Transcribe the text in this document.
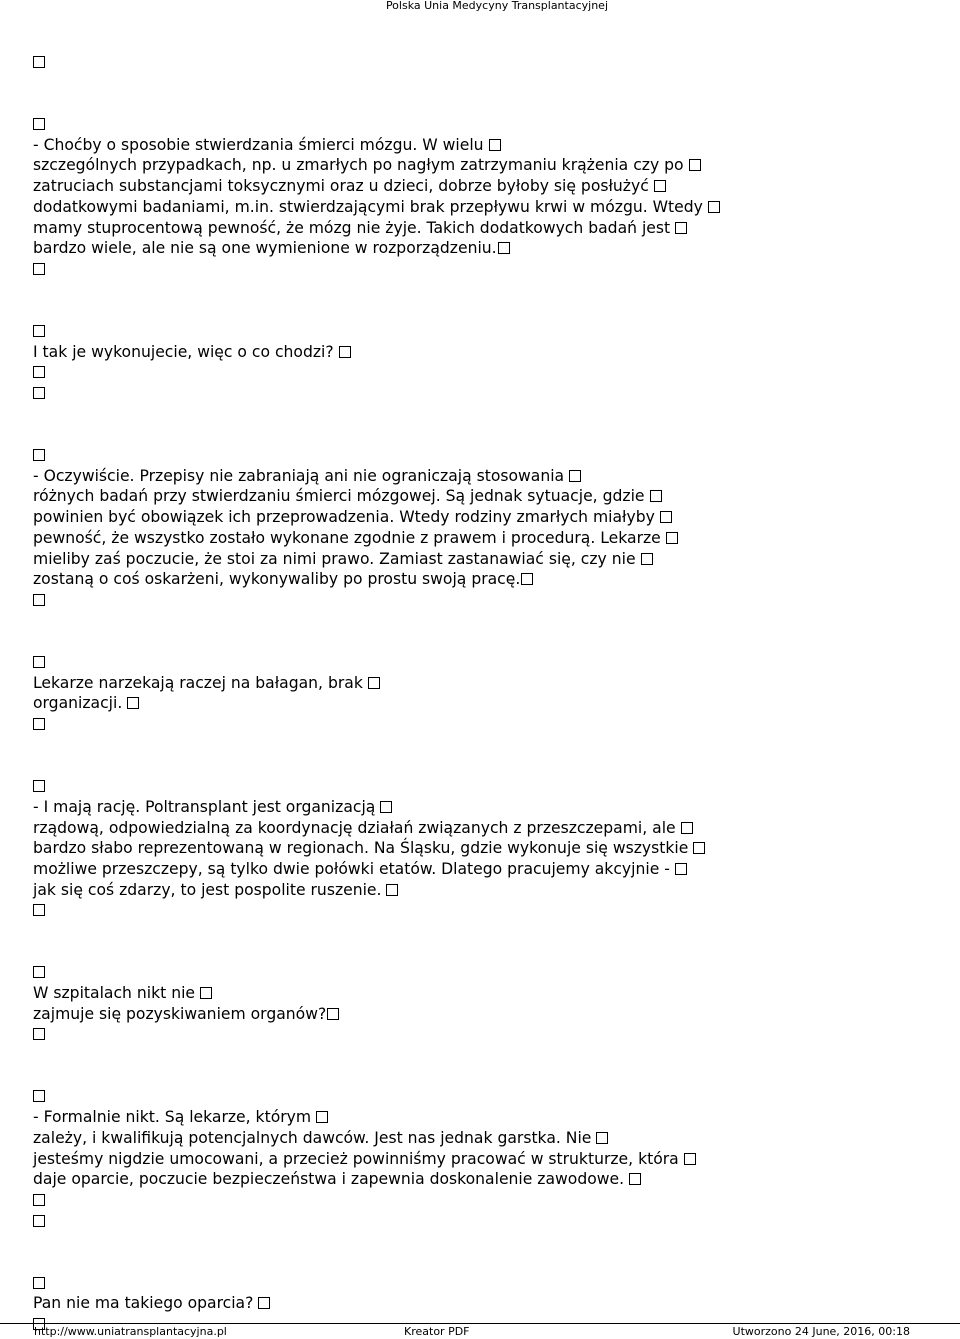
Polska Unia Medycyny Transplantacyjnej
- Choćby o sposobie stwierdzania śmierci mózgu. W wielu
szczególnych przypadkach, np. u zmarłych po nagłym zatrzymaniu krążenia czy po
zatruciach substancjami toksycznymi oraz u dzieci, dobrze byłoby się posłużyć
dodatkowymi badaniami, m.in. stwierdzającymi brak przepływu krwi w mózgu. Wtedy
mamy stuprocentową pewność, że mózg nie żyje. Takich dodatkowych badań jest
bardzo wiele, ale nie są one wymienione w rozporządzeniu.
I tak je wykonujecie, więc o co chodzi?
- Oczywiście. Przepisy nie zabraniają ani nie ograniczają stosowania
różnych badań przy stwierdzaniu śmierci mózgowej. Są jednak sytuacje, gdzie
powinien być obowiązek ich przeprowadzenia. Wtedy rodziny zmarłych miałyby
pewność, że wszystko zostało wykonane zgodnie z prawem i procedurą. Lekarze
mieliby zaś poczucie, że stoi za nimi prawo. Zamiast zastanawiać się, czy nie
zostaną o coś oskarżeni, wykonywaliby po prostu swoją pracę.
Lekarze narzekają raczej na bałagan, brak
organizacji.
- I mają rację. Poltransplant jest organizacją
rządową, odpowiedzialną za koordynację działań związanych z przeszczepami, ale
bardzo słabo reprezentowaną w regionach. Na Śląsku, gdzie wykonuje się wszystkie
możliwe przeszczepy, są tylko dwie połówki etatów. Dlatego pracujemy akcyjnie -
jak się coś zdarzy, to jest pospolite ruszenie.
W szpitalach nikt nie
zajmuje się pozyskiwaniem organów?
- Formalnie nikt. Są lekarze, którym
zależy, i kwalifikują potencjalnych dawców. Jest nas jednak garstka. Nie
jesteśmy nigdzie umocowani, a przecież powinniśmy pracować w strukturze, która
daje oparcie, poczucie bezpieczeństwa i zapewnia doskonalenie zawodowe.
Pan nie ma takiego oparcia?
http://www.uniatransplantacyjna.pl	Kreator PDF	Utworzono 24 June, 2016, 00:18
